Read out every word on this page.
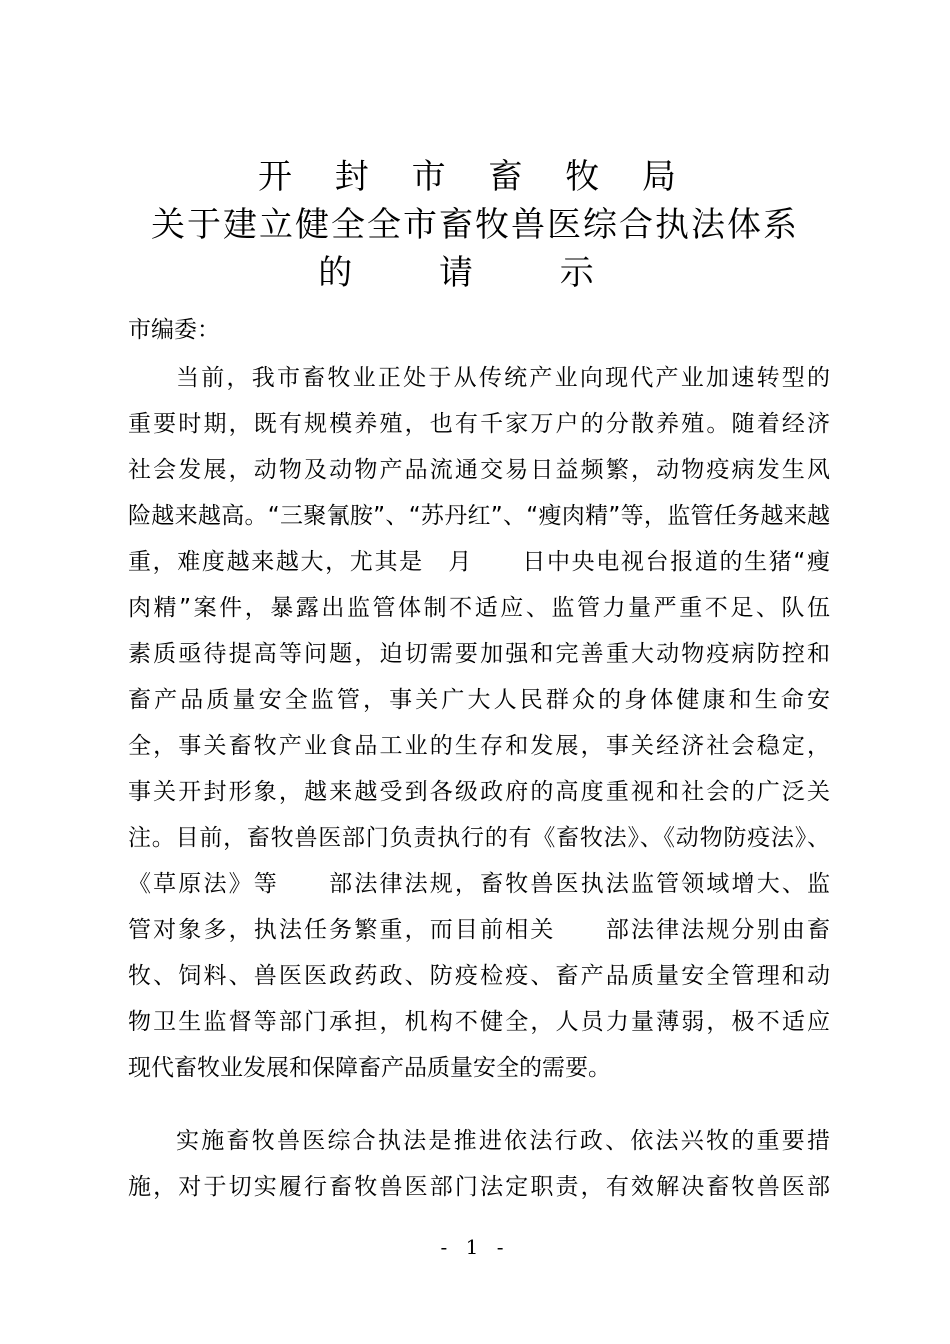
开 封 市 畜 牧 局
关于建立健全全市畜牧兽医综合执法体系
的 请 示
市编委：
当前，我市畜牧业正处于从传统产业向现代产业加速转型的
重要时期，既有规模养殖，也有千家万户的分散养殖。随着经济
社会发展，动物及动物产品流通交易日益频繁，动物疫病发生风
险越来越高。“三聚氰胺”、“苏丹红”、“瘦肉精”等，监管任务越来越
重，难度越来越大，尤其是　月　　日中央电视台报道的生猪“瘦
肉精”案件，暴露出监管体制不适应、监管力量严重不足、队伍
素质亟待提高等问题，迫切需要加强和完善重大动物疫病防控和
畜产品质量安全监管，事关广大人民群众的身体健康和生命安
全，事关畜牧产业食品工业的生存和发展，事关经济社会稳定，
事关开封形象，越来越受到各级政府的高度重视和社会的广泛关
注。目前，畜牧兽医部门负责执行的有《畜牧法》、《动物防疫法》、
《草原法》等　　部法律法规，畜牧兽医执法监管领域增大、监
管对象多，执法任务繁重，而目前相关　　部法律法规分别由畜
牧、饲料、兽医医政药政、防疫检疫、畜产品质量安全管理和动
物卫生监督等部门承担，机构不健全，人员力量薄弱，极不适应
现代畜牧业发展和保障畜产品质量安全的需要。
实施畜牧兽医综合执法是推进依法行政、依法兴牧的重要措
施，对于切实履行畜牧兽医部门法定职责，有效解决畜牧兽医部
- 1 -
